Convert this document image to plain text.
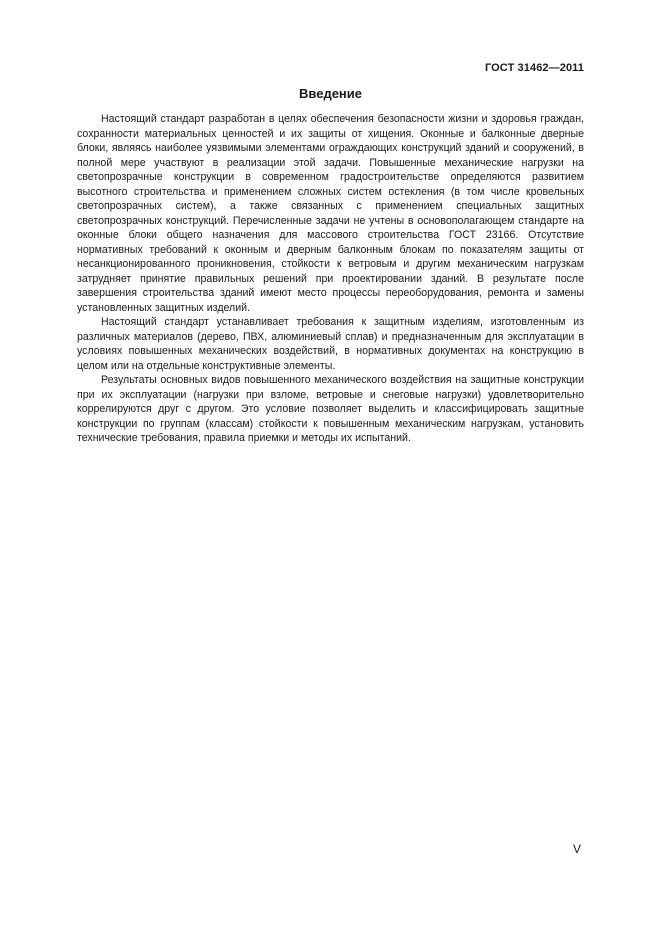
ГОСТ 31462—2011
Введение

Настоящий стандарт разработан в целях обеспечения безопасности жизни и здоровья граждан, сохранности материальных ценностей и их защиты от хищения. Оконные и балконные дверные блоки, являясь наиболее уязвимыми элементами ограждающих конструкций зданий и сооружений, в полной мере участвуют в реализации этой задачи. Повышенные механические нагрузки на светопрозрачные конструкции в современном градостроительстве определяются развитием высотного строительства и применением сложных систем остекления (в том числе кровельных светопрозрачных систем), а также связанных с применением специальных защитных светопрозрачных конструкций. Перечисленные задачи не учтены в основополагающем стандарте на оконные блоки общего назначения для массового строительства ГОСТ 23166. Отсутствие нормативных требований к оконным и дверным балконным блокам по показателям защиты от несанкционированного проникновения, стойкости к ветровым и другим механическим нагрузкам затрудняет принятие правильных решений при проектировании зданий. В результате после завершения строительства зданий имеют место процессы переоборудования, ремонта и замены установленных защитных изделий.

Настоящий стандарт устанавливает требования к защитным изделиям, изготовленным из различных материалов (дерево, ПВХ, алюминиевый сплав) и предназначенным для эксплуатации в условиях повышенных механических воздействий, в нормативных документах на конструкцию в целом или на отдельные конструктивные элементы.

Результаты основных видов повышенного механического воздействия на защитные конструкции при их эксплуатации (нагрузки при взломе, ветровые и снеговые нагрузки) удовлетворительно коррелируются друг с другом. Это условие позволяет выделить и классифицировать защитные конструкции по группам (классам) стойкости к повышенным механическим нагрузкам, установить технические требования, правила приемки и методы их испытаний.

V
